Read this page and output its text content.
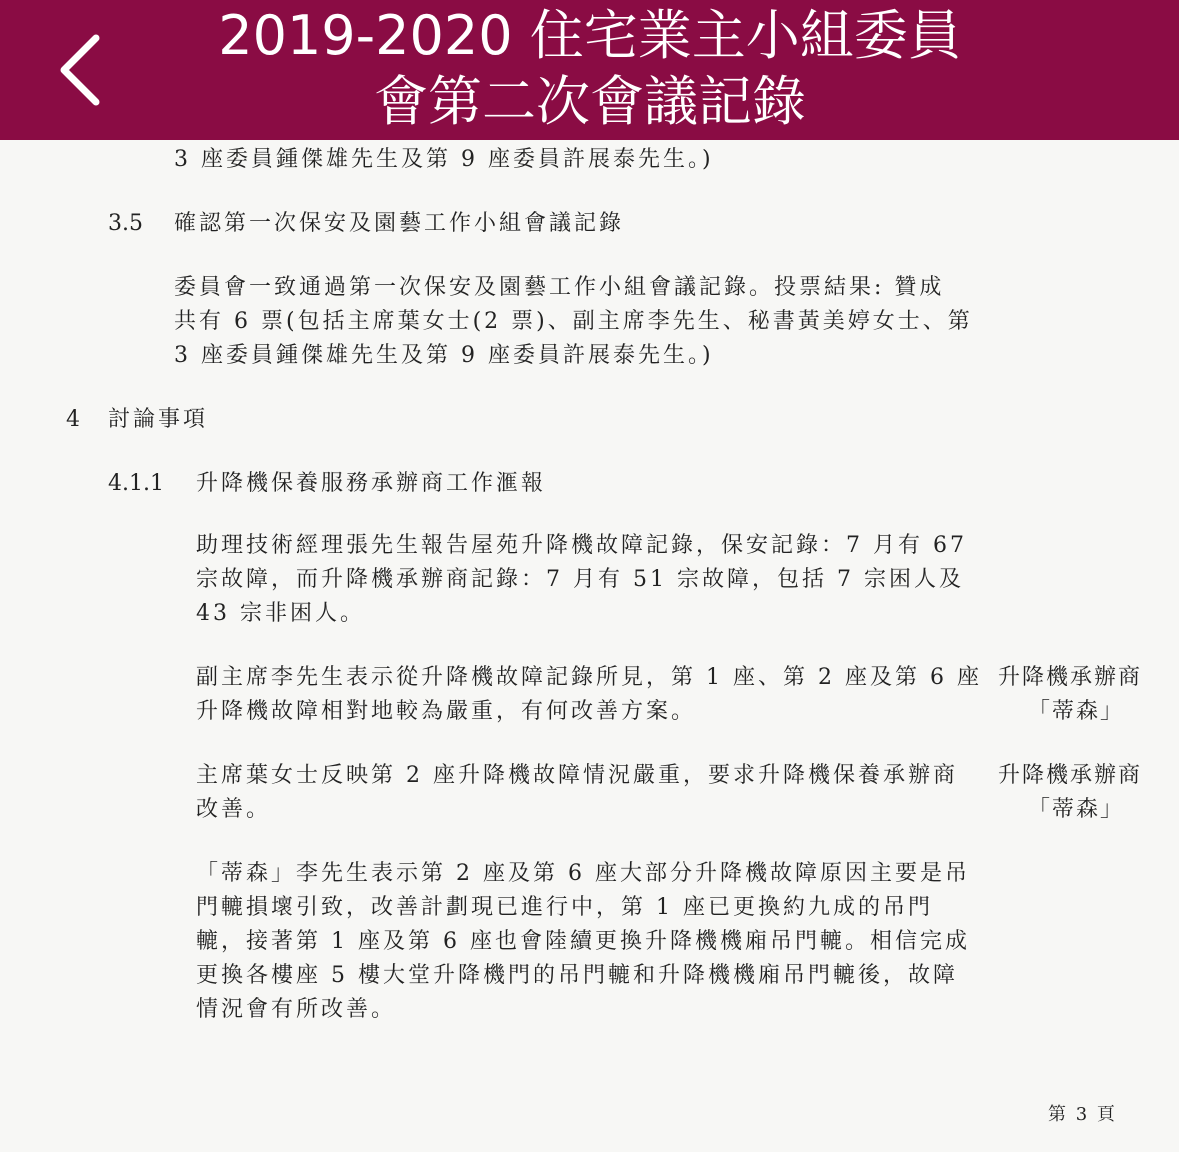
2019-2020 住宅業主小組委員
會第二次會議記錄
3 座委員鍾傑雄先生及第 9 座委員許展泰先生。)
3.5 確認第一次保安及園藝工作小組會議記錄
委員會一致通過第一次保安及園藝工作小組會議記錄。投票結果: 贊成
共有 6 票(包括主席葉女士(2 票)、副主席李先生、秘書黃美婷女士、第
3 座委員鍾傑雄先生及第 9 座委員許展泰先生。)
4 討論事項
4.1.1 升降機保養服務承辦商工作滙報
助理技術經理張先生報告屋苑升降機故障記錄，保安記錄：7 月有 67
宗故障，而升降機承辦商記錄：7 月有 51 宗故障，包括 7 宗困人及
43 宗非困人。
副主席李先生表示從升降機故障記錄所見，第 1 座、第 2 座及第 6 座
升降機故障相對地較為嚴重，有何改善方案。
升降機承辦商
「蒂森」
主席葉女士反映第 2 座升降機故障情況嚴重，要求升降機保養承辦商
改善。
升降機承辦商
「蒂森」
「蒂森」李先生表示第 2 座及第 6 座大部分升降機故障原因主要是吊
門轆損壞引致，改善計劃現已進行中，第 1 座已更換約九成的吊門
轆，接著第 1 座及第 6 座也會陸續更換升降機機廂吊門轆。相信完成
更換各樓座 5 樓大堂升降機門的吊門轆和升降機機廂吊門轆後，故障
情況會有所改善。
第 3 頁
